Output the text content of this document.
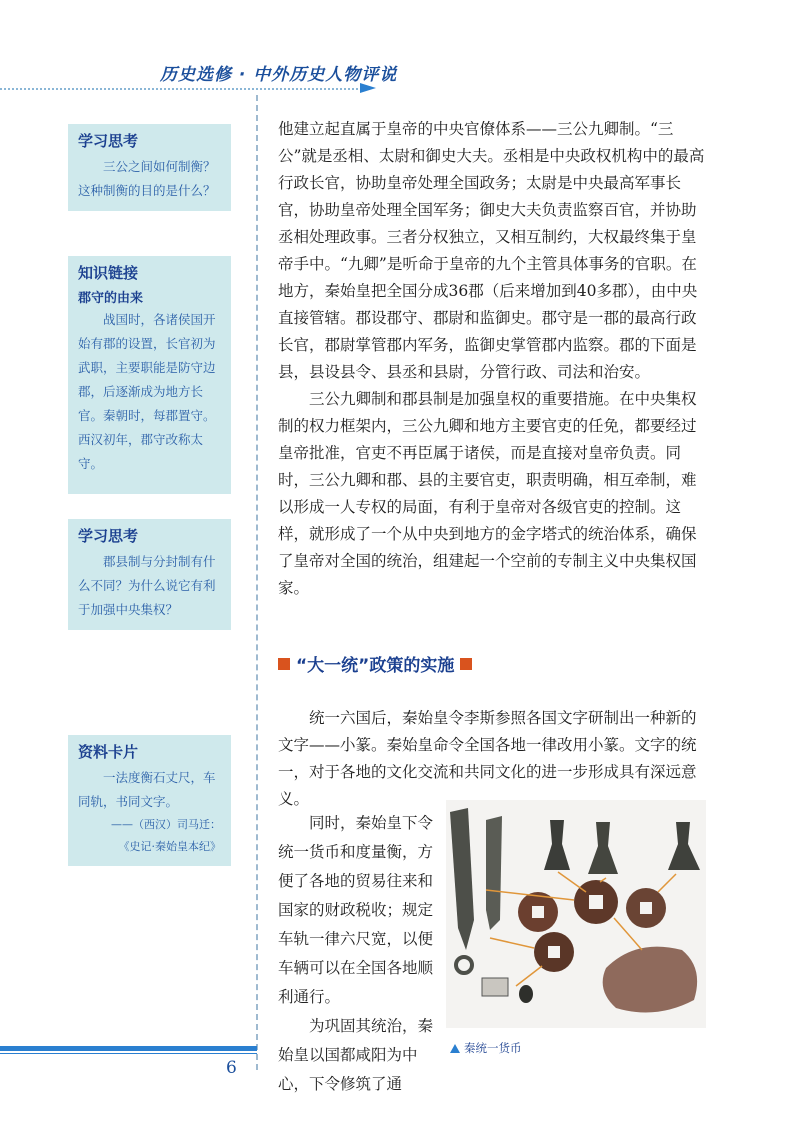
历史选修 · 中外历史人物评说
学习思考
三公之间如何制衡？这种制衡的目的是什么？
知识链接
郡守的由来
战国时，各诸侯国开始有郡的设置，长官初为武职，主要职能是防守边郡，后逐渐成为地方长官。秦朝时，每郡置守。西汉初年，郡守改称太守。
学习思考
郡县制与分封制有什么不同？为什么说它有利于加强中央集权？
资料卡片
一法度衡石丈尺，车同轨，书同文字。
——（西汉）司马迁：
《史记·秦始皇本纪》

他建立起直属于皇帝的中央官僚体系——三公九卿制。“三公”就是丞相、太尉和御史大夫。丞相是中央政权机构中的最高行政长官，协助皇帝处理全国政务；太尉是中央最高军事长官，协助皇帝处理全国军务；御史大夫负责监察百官，并协助丞相处理政事。三者分权独立，又相互制约，大权最终集于皇帝手中。“九卿”是听命于皇帝的九个主管具体事务的官职。在地方，秦始皇把全国分成36郡（后来增加到40多郡），由中央直接管辖。郡设郡守、郡尉和监御史。郡守是一郡的最高行政长官，郡尉掌管郡内军务，监御史掌管郡内监察。郡的下面是县，县设县令、县丞和县尉，分管行政、司法和治安。

三公九卿制和郡县制是加强皇权的重要措施。在中央集权制的权力框架内，三公九卿和地方主要官吏的任免，都要经过皇帝批准，官吏不再臣属于诸侯，而是直接对皇帝负责。同时，三公九卿和郡、县的主要官吏，职责明确，相互牵制，难以形成一人专权的局面，有利于皇帝对各级官吏的控制。这样，就形成了一个从中央到地方的金字塔式的统治体系，确保了皇帝对全国的统治，组建起一个空前的专制主义中央集权国家。

“大一统”政策的实施

统一六国后，秦始皇令李斯参照各国文字研制出一种新的文字——小篆。秦始皇命令全国各地一律改用小篆。文字的统一，对于各地的文化交流和共同文化的进一步形成具有深远意义。

同时，秦始皇下令统一货币和度量衡，方便了各地的贸易往来和国家的财政税收；规定车轨一律六尺宽，以便车辆可以在全国各地顺利通行。

为巩固其统治，秦始皇以国都咸阳为中心，下令修筑了通

秦统一货币
6
